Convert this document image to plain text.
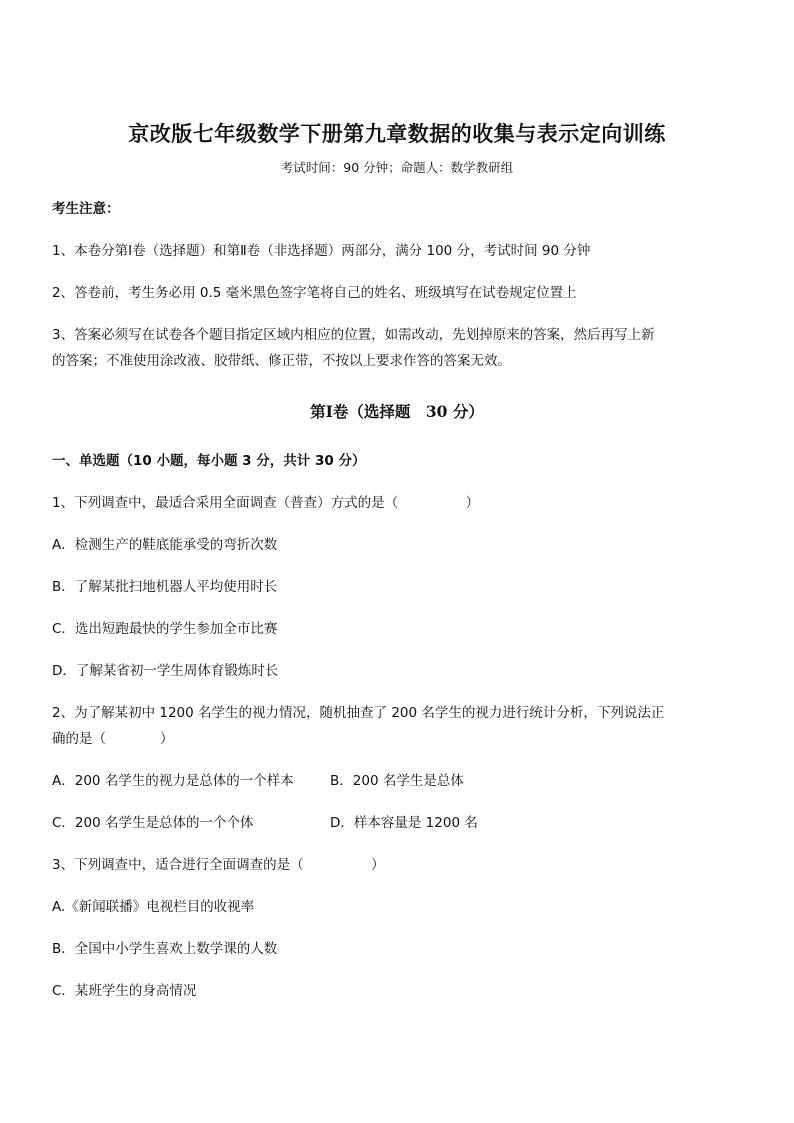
京改版七年级数学下册第九章数据的收集与表示定向训练
考试时间：90 分钟；命题人：数学教研组
考生注意：
1、本卷分第Ⅰ卷（选择题）和第Ⅱ卷（非选择题）两部分，满分 100 分，考试时间 90 分钟
2、答卷前，考生务必用 0.5 毫米黑色签字笔将自己的姓名、班级填写在试卷规定位置上
3、答案必须写在试卷各个题目指定区域内相应的位置，如需改动，先划掉原来的答案，然后再写上新
的答案；不准使用涂改液、胶带纸、修正带，不按以上要求作答的答案无效。
第Ⅰ卷（选择题　30 分）
一、单选题（10 小题，每小题 3 分，共计 30 分）
1、下列调查中，最适合采用全面调查（普查）方式的是（　　　　　）
A．检测生产的鞋底能承受的弯折次数
B．了解某批扫地机器人平均使用时长
C．选出短跑最快的学生参加全市比赛
D．了解某省初一学生周体育锻炼时长
2、为了解某初中 1200 名学生的视力情况，随机抽查了 200 名学生的视力进行统计分析，下列说法正
确的是（　　　　）
A．200 名学生的视力是总体的一个样本	B．200 名学生是总体
C．200 名学生是总体的一个个体	D．样本容量是 1200 名
3、下列调查中，适合进行全面调查的是（　　　　　）
A.《新闻联播》电视栏目的收视率
B．全国中小学生喜欢上数学课的人数
C．某班学生的身高情况
